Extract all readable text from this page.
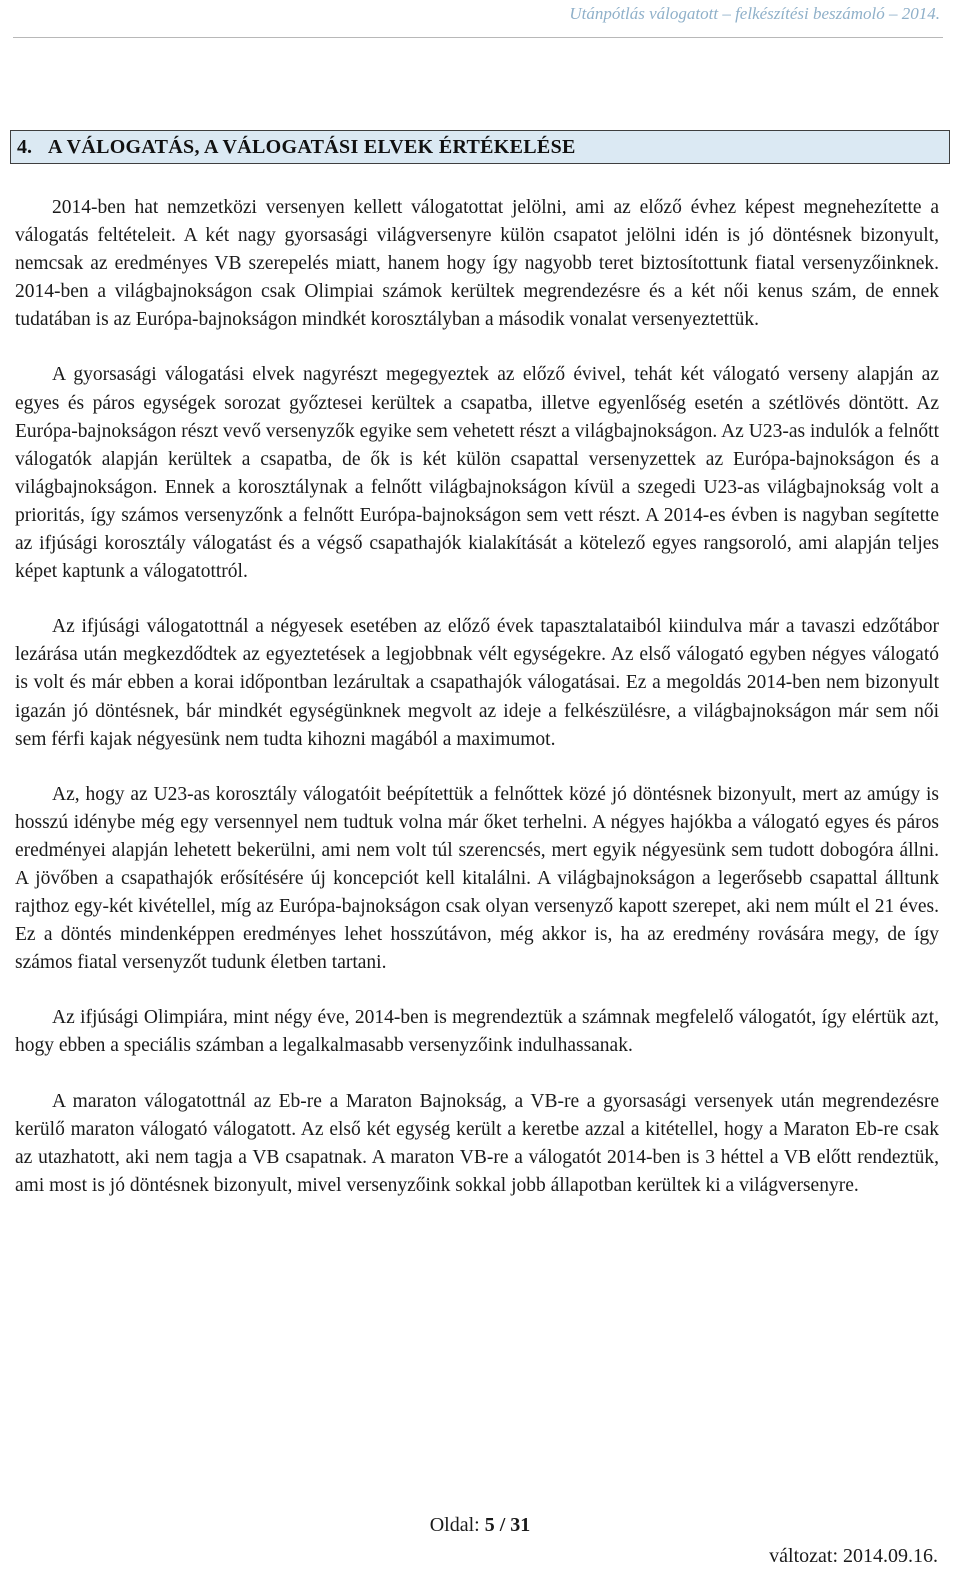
Utánpótlás válogatott – felkészítési beszámoló – 2014.
4. A VÁLOGATÁS, A VÁLOGATÁSI ELVEK ÉRTÉKELÉSE

2014-ben hat nemzetközi versenyen kellett válogatottat jelölni, ami az előző évhez képest megnehezítette a válogatás feltételeit. A két nagy gyorsasági világversenyre külön csapatot jelölni idén is jó döntésnek bizonyult, nemcsak az eredményes VB szerepelés miatt, hanem hogy így nagyobb teret biztosítottunk fiatal versenyzőinknek. 2014-ben a világbajnokságon csak Olimpiai számok kerültek megrendezésre és a két női kenus szám, de ennek tudatában is az Európa-bajnokságon mindkét korosztályban a második vonalat versenyeztettük.

A gyorsasági válogatási elvek nagyrészt megegyeztek az előző évivel, tehát két válogató verseny alapján az egyes és páros egységek sorozat győztesei kerültek a csapatba, illetve egyenlőség esetén a szétlövés döntött. Az Európa-bajnokságon részt vevő versenyzők egyike sem vehetett részt a világbajnokságon. Az U23-as indulók a felnőtt válogatók alapján kerültek a csapatba, de ők is két külön csapattal versenyzettek az Európa-bajnokságon és a világbajnokságon. Ennek a korosztálynak a felnőtt világbajnokságon kívül a szegedi U23-as világbajnokság volt a prioritás, így számos versenyzőnk a felnőtt Európa-bajnokságon sem vett részt. A 2014-es évben is nagyban segítette az ifjúsági korosztály válogatást és a végső csapathajók kialakítását a kötelező egyes rangsoroló, ami alapján teljes képet kaptunk a válogatottról.

Az ifjúsági válogatottnál a négyesek esetében az előző évek tapasztalataiból kiindulva már a tavaszi edzőtábor lezárása után megkezdődtek az egyeztetések a legjobbnak vélt egységekre. Az első válogató egyben négyes válogató is volt és már ebben a korai időpontban lezárultak a csapathajók válogatásai. Ez a megoldás 2014-ben nem bizonyult igazán jó döntésnek, bár mindkét egységünknek megvolt az ideje a felkészülésre, a világbajnokságon már sem női sem férfi kajak négyesünk nem tudta kihozni magából a maximumot.

Az, hogy az U23-as korosztály válogatóit beépítettük a felnőttek közé jó döntésnek bizonyult, mert az amúgy is hosszú idénybe még egy versennyel nem tudtuk volna már őket terhelni. A négyes hajókba a válogató egyes és páros eredményei alapján lehetett bekerülni, ami nem volt túl szerencsés, mert egyik négyesünk sem tudott dobogóra állni. A jövőben a csapathajók erősítésére új koncepciót kell kitalálni. A világbajnokságon a legerősebb csapattal álltunk rajthoz egy-két kivétellel, míg az Európa-bajnokságon csak olyan versenyző kapott szerepet, aki nem múlt el 21 éves. Ez a döntés mindenképpen eredményes lehet hosszútávon, még akkor is, ha az eredmény rovására megy, de így számos fiatal versenyzőt tudunk életben tartani.

Az ifjúsági Olimpiára, mint négy éve, 2014-ben is megrendeztük a számnak megfelelő válogatót, így elértük azt, hogy ebben a speciális számban a legalkalmasabb versenyzőink indulhassanak.

A maraton válogatottnál az Eb-re a Maraton Bajnokság, a VB-re a gyorsasági versenyek után megrendezésre kerülő maraton válogató válogatott. Az első két egység került a keretbe azzal a kitétellel, hogy a Maraton Eb-re csak az utazhatott, aki nem tagja a VB csapatnak. A maraton VB-re a válogatót 2014-ben is 3 héttel a VB előtt rendeztük, ami most is jó döntésnek bizonyult, mivel versenyzőink sokkal jobb állapotban kerültek ki a világversenyre.

Oldal: 5 / 31
változat: 2014.09.16.
